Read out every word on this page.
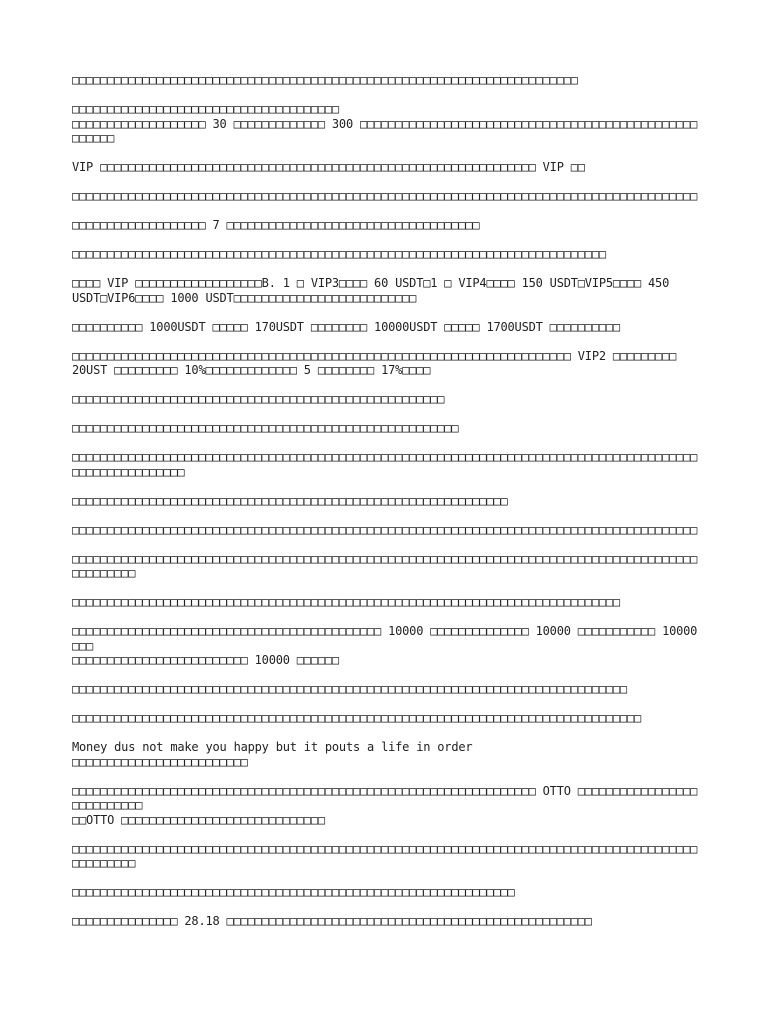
□□□□□□□□□□□□□□□□□□□□□□□□□□□□□□□□□□□□□□□□□□□□□□□□□□□□□□□□□□□□□□□□□□□□□□□□

□□□□□□□□□□□□□□□□□□□□□□□□□□□□□□□□□□□□□□
□□□□□□□□□□□□□□□□□□□ 30 □□□□□□□□□□□□□ 300 □□□□□□□□□□□□□□□□□□□□□□□□□□□□□□□□□□□□□□□□□□□□□□□□□□□□□□

VIP □□□□□□□□□□□□□□□□□□□□□□□□□□□□□□□□□□□□□□□□□□□□□□□□□□□□□□□□□□□□□□ VIP □□

□□□□□□□□□□□□□□□□□□□□□□□□□□□□□□□□□□□□□□□□□□□□□□□□□□□□□□□□□□□□□□□□□□□□□□□□□□□□□□□□□□□□□□□□□

□□□□□□□□□□□□□□□□□□□ 7 □□□□□□□□□□□□□□□□□□□□□□□□□□□□□□□□□□□□

□□□□□□□□□□□□□□□□□□□□□□□□□□□□□□□□□□□□□□□□□□□□□□□□□□□□□□□□□□□□□□□□□□□□□□□□□□□□

□□□□ VIP □□□□□□□□□□□□□□□□□□B. 1 □ VIP3□□□□ 60 USDT□1 □ VIP4□□□□ 150 USDT□VIP5□□□□ 450
USDT□VIP6□□□□ 1000 USDT□□□□□□□□□□□□□□□□□□□□□□□□□□

□□□□□□□□□□ 1000USDT □□□□□ 170USDT □□□□□□□□ 10000USDT □□□□□ 1700USDT □□□□□□□□□□

□□□□□□□□□□□□□□□□□□□□□□□□□□□□□□□□□□□□□□□□□□□□□□□□□□□□□□□□□□□□□□□□□□□□□□□ VIP2 □□□□□□□□□
20UST □□□□□□□□□ 10%□□□□□□□□□□□□□ 5 □□□□□□□□ 17%□□□□

□□□□□□□□□□□□□□□□□□□□□□□□□□□□□□□□□□□□□□□□□□□□□□□□□□□□□

□□□□□□□□□□□□□□□□□□□□□□□□□□□□□□□□□□□□□□□□□□□□□□□□□□□□□□□

□□□□□□□□□□□□□□□□□□□□□□□□□□□□□□□□□□□□□□□□□□□□□□□□□□□□□□□□□□□□□□□□□□□□□□□□□□□□□□□□□□□□□□□□□□□□□□□□□□□□□□□□□

□□□□□□□□□□□□□□□□□□□□□□□□□□□□□□□□□□□□□□□□□□□□□□□□□□□□□□□□□□□□□□

□□□□□□□□□□□□□□□□□□□□□□□□□□□□□□□□□□□□□□□□□□□□□□□□□□□□□□□□□□□□□□□□□□□□□□□□□□□□□□□□□□□□□□□□□

□□□□□□□□□□□□□□□□□□□□□□□□□□□□□□□□□□□□□□□□□□□□□□□□□□□□□□□□□□□□□□□□□□□□□□□□□□□□□□□□□□□□□□□□□□□□□□□□□□

□□□□□□□□□□□□□□□□□□□□□□□□□□□□□□□□□□□□□□□□□□□□□□□□□□□□□□□□□□□□□□□□□□□□□□□□□□□□□□

□□□□□□□□□□□□□□□□□□□□□□□□□□□□□□□□□□□□□□□□□□□□ 10000 □□□□□□□□□□□□□□ 10000 □□□□□□□□□□□ 10000 □□□
□□□□□□□□□□□□□□□□□□□□□□□□□ 10000 □□□□□□

□□□□□□□□□□□□□□□□□□□□□□□□□□□□□□□□□□□□□□□□□□□□□□□□□□□□□□□□□□□□□□□□□□□□□□□□□□□□□□□

□□□□□□□□□□□□□□□□□□□□□□□□□□□□□□□□□□□□□□□□□□□□□□□□□□□□□□□□□□□□□□□□□□□□□□□□□□□□□□□□□

Money dus not make you happy but it pouts a life in order
□□□□□□□□□□□□□□□□□□□□□□□□□

□□□□□□□□□□□□□□□□□□□□□□□□□□□□□□□□□□□□□□□□□□□□□□□□□□□□□□□□□□□□□□□□□□ OTTO □□□□□□□□□□□□□□□□□□□□□□□□□□□
□□OTTO □□□□□□□□□□□□□□□□□□□□□□□□□□□□□

□□□□□□□□□□□□□□□□□□□□□□□□□□□□□□□□□□□□□□□□□□□□□□□□□□□□□□□□□□□□□□□□□□□□□□□□□□□□□□□□□□□□□□□□□□□□□□□□□□

□□□□□□□□□□□□□□□□□□□□□□□□□□□□□□□□□□□□□□□□□□□□□□□□□□□□□□□□□□□□□□□

□□□□□□□□□□□□□□□ 28.18 □□□□□□□□□□□□□□□□□□□□□□□□□□□□□□□□□□□□□□□□□□□□□□□□□□□□
